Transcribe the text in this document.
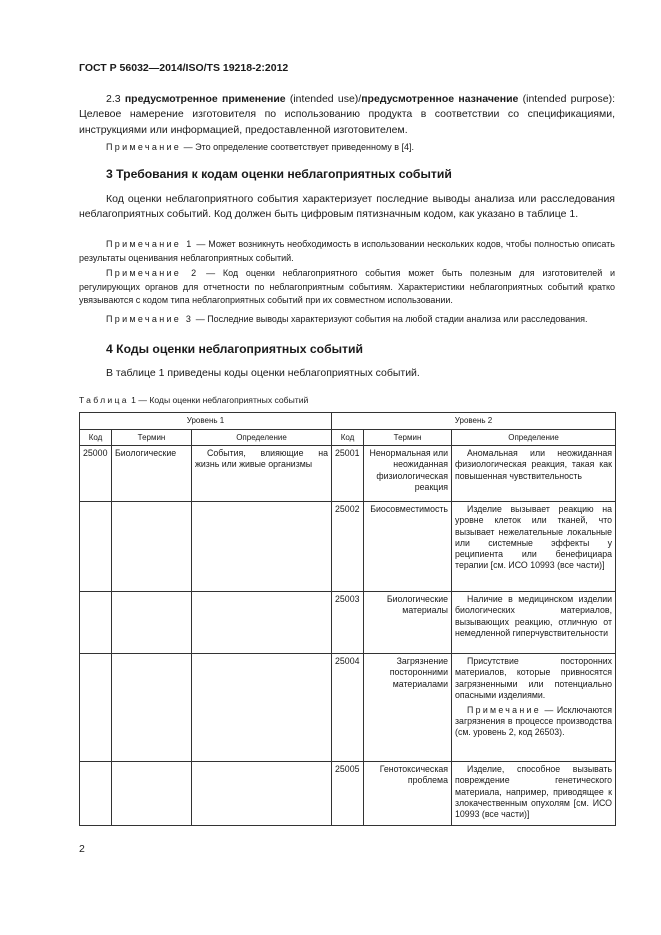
ГОСТ Р 56032—2014/ISO/TS 19218-2:2012
2.3 предусмотренное применение (intended use)/предусмотренное назначение (intended purpose): Целевое намерение изготовителя по использованию продукта в соответствии со спецификациями, инструкциями или информацией, предоставленной изготовителем.
Примечание — Это определение соответствует приведенному в [4].
3 Требования к кодам оценки неблагоприятных событий
Код оценки неблагоприятного события характеризует последние выводы анализа или расследования неблагоприятных событий. Код должен быть цифровым пятизначным кодом, как указано в таблице 1.
Примечание 1 — Может возникнуть необходимость в использовании нескольких кодов, чтобы полностью описать результаты оценивания неблагоприятных событий.
Примечание 2 — Код оценки неблагоприятного события может быть полезным для изготовителей и регулирующих органов для отчетности по неблагоприятным событиям. Характеристики неблагоприятных событий кратко увязываются с кодом типа неблагоприятных событий при их совместном использовании.
Примечание 3 — Последние выводы характеризуют события на любой стадии анализа или расследования.
4 Коды оценки неблагоприятных событий
В таблице 1 приведены коды оценки неблагоприятных событий.
Таблица 1 — Коды оценки неблагоприятных событий
Уровень 1			Уровень 2		
Код	Термин	Определение	Код	Термин	Определение
25000	Биологические	События, влияющие на жизнь или живые организмы	25001	Ненормальная или неожиданная физиологическая реакция	Аномальная или неожиданная физиологическая реакция, такая как повышенная чувствительность
			25002	Биосовместимость	Изделие вызывает реакцию на уровне клеток или тканей, что вызывает нежелательные локальные или системные эффекты у реципиента или бенефициара терапии [см. ИСО 10993 (все части)]
			25003	Биологические материалы	Наличие в медицинском изделии биологических материалов, вызывающих реакцию, отличную от немедленной гиперчувствительности
			25004	Загрязнение посторонними материалами	Присутствие посторонних материалов, которые привносятся загрязненными или потенциально опасными изделиями.
Примечание — Исключаются загрязнения в процессе производства (см. уровень 2, код 26503).

			25005	Генотоксическая проблема	Изделие, способное вызывать повреждение генетического материала, например, приводящее к злокачественным опухолям [см. ИСО 10993 (все части)]
2
